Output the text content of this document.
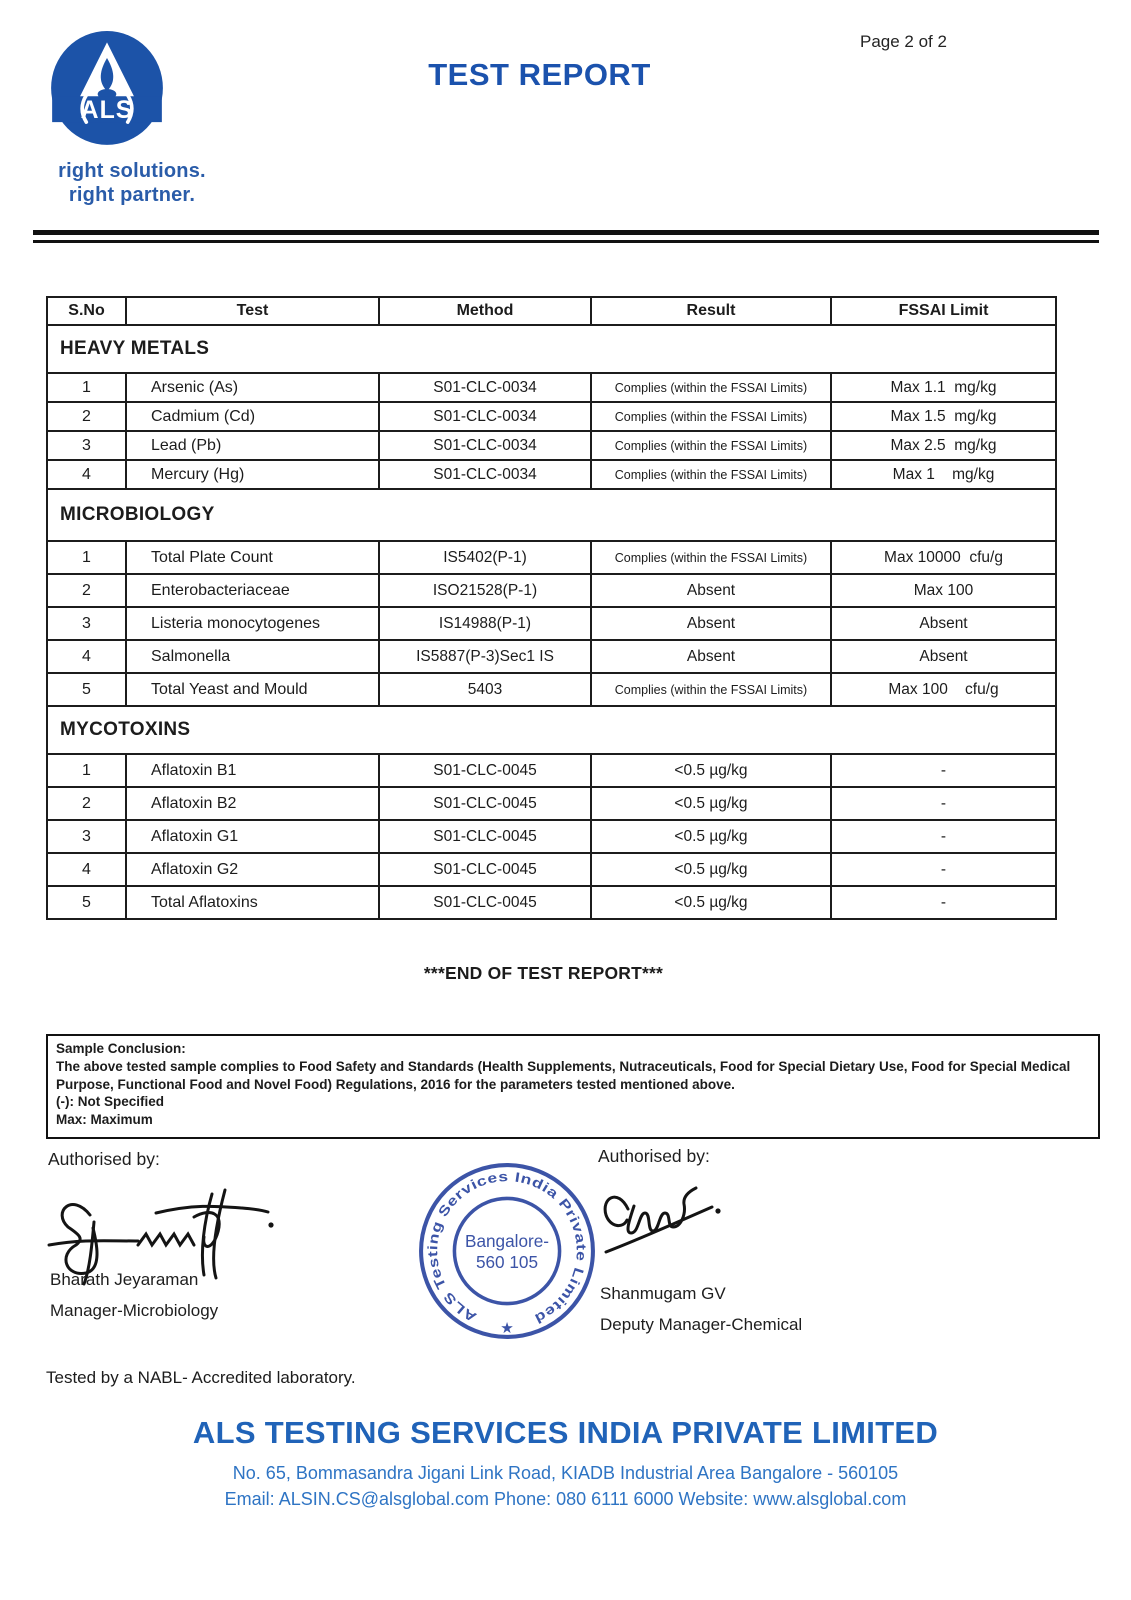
ALS
right solutions.
right partner.
TEST REPORT
Page 2 of 2
S.No	Test	Method	Result	FSSAI Limit
HEAVY METALS				
1	Arsenic (As)	S01-CLC-0034	Complies (within the FSSAI Limits)	Max 1.1  mg/kg
2	Cadmium (Cd)	S01-CLC-0034	Complies (within the FSSAI Limits)	Max 1.5  mg/kg
3	Lead (Pb)	S01-CLC-0034	Complies (within the FSSAI Limits)	Max 2.5  mg/kg
4	Mercury (Hg)	S01-CLC-0034	Complies (within the FSSAI Limits)	Max 1    mg/kg
MICROBIOLOGY				
1	Total Plate Count	IS5402(P-1)	Complies (within the FSSAI Limits)	Max 10000  cfu/g
2	Enterobacteriaceae	ISO21528(P-1)	Absent	Max 100
3	Listeria monocytogenes	IS14988(P-1)	Absent	Absent
4	Salmonella	IS5887(P-3)Sec1 IS	Absent	Absent
5	Total Yeast and Mould	5403	Complies (within the FSSAI Limits)	Max 100    cfu/g
MYCOTOXINS				
1	Aflatoxin B1	S01-CLC-0045	<0.5 µg/kg	-
2	Aflatoxin B2	S01-CLC-0045	<0.5 µg/kg	-
3	Aflatoxin G1	S01-CLC-0045	<0.5 µg/kg	-
4	Aflatoxin G2	S01-CLC-0045	<0.5 µg/kg	-
5	Total Aflatoxins	S01-CLC-0045	<0.5 µg/kg	-
***END OF TEST REPORT***
Sample Conclusion:
The above tested sample complies to Food Safety and Standards (Health Supplements, Nutraceuticals, Food for Special Dietary Use, Food for Special Medical Purpose, Functional Food and Novel Food) Regulations, 2016 for the parameters tested mentioned above.
(-): Not Specified
Max: Maximum
Authorised by:	Authorised by:
ALS Testing Services India Private Limited
Bangalore-
560 105
★
Bharath Jeyaraman
Manager-Microbiology
Shanmugam GV
Deputy Manager-Chemical
Tested by a NABL- Accredited laboratory.
ALS TESTING SERVICES INDIA PRIVATE LIMITED
No. 65, Bommasandra Jigani Link Road, KIADB Industrial Area Bangalore - 560105
Email: ALSIN.CS@alsglobal.com Phone: 080 6111 6000 Website: www.alsglobal.com
